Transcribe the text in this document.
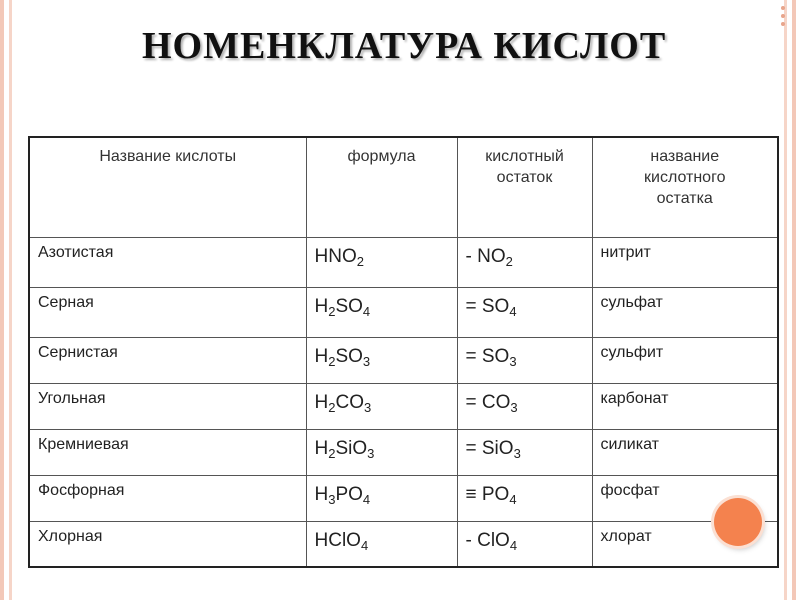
НОМЕНКЛАТУРА КИСЛОТ
Название кислоты	формула	кислотный остаток	название кислотного остатка
Азотистая	$HNO_2$	- $NO_2$	нитрит
Серная	$H_2SO_4$	= $SO_4$	сульфат
Сернистая	$H_2SO_3$	= $SO_3$	сульфит
Угольная	$H_2CO_3$	= $CO_3$	карбонат
Кремниевая	$H_2SiO_3$	= SiO$_3$	силикат
Фосфорная	$H_3PO_4$	≡ $PO_4$	фосфат
Хлорная	HClO$_4$	- ClO$_4$	хлорат
